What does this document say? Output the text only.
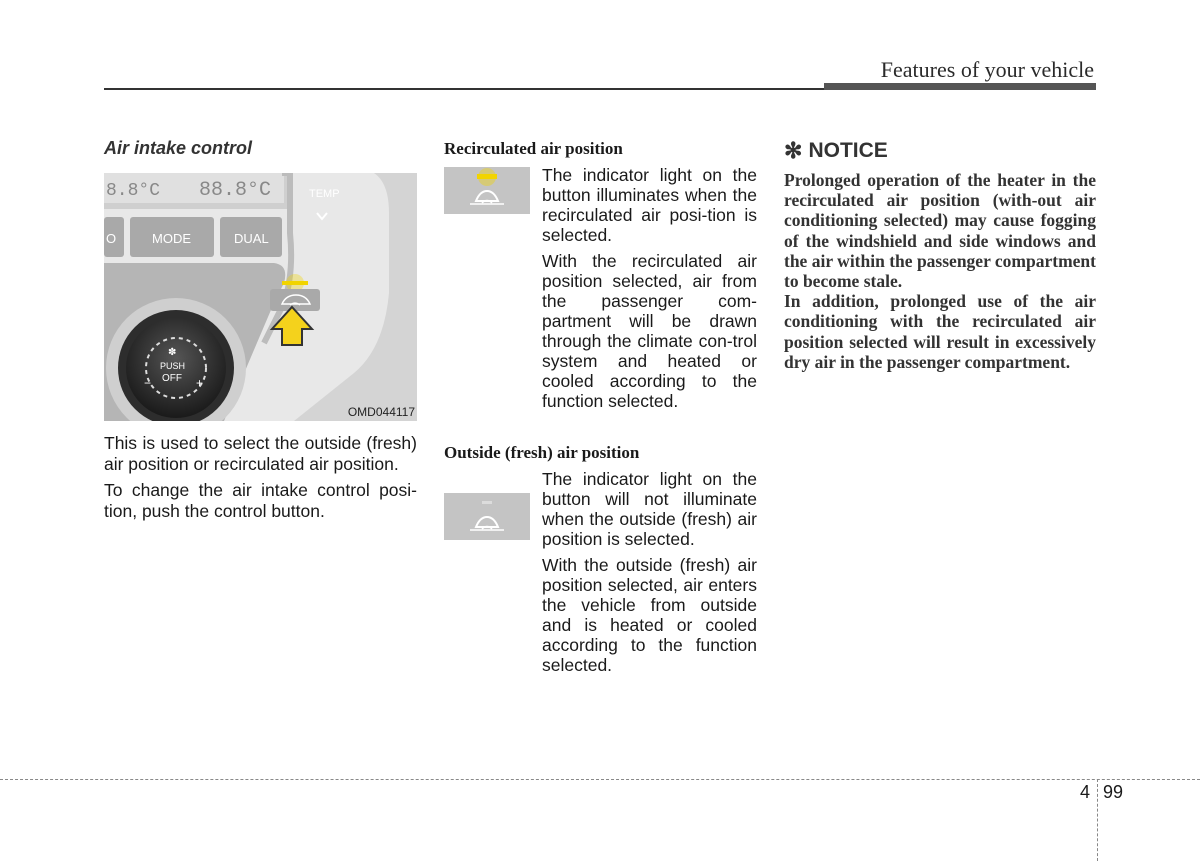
Features of your vehicle
Air intake control
8.8°C 88.8°C
O	MODE	DUAL
TEMP
PUSH
OFF
−	+
✽
OMD044117

This is used to select the outside (fresh) air position or recirculated air position.

To change the air intake control posi-tion, push the control button.

Recirculated air position

The indicator light on the button illuminates when the recirculated air posi-tion is selected.

With the recirculated air position selected, air from the passenger com-partment will be drawn through the climate con-trol system and heated or cooled according to the function selected.

Outside (fresh) air position

The indicator light on the button will not illuminate when the outside (fresh) air position is selected.

With the outside (fresh) air position selected, air enters the vehicle from outside and is heated or cooled according to the function selected.

✻ NOTICE

Prolonged operation of the heater in the recirculated air position (with-out air conditioning selected) may cause fogging of the windshield and side windows and the air within the passenger compartment to become stale.

In addition, prolonged use of the air conditioning with the recirculated air position selected will result in excessively dry air in the passenger compartment.

4 99
